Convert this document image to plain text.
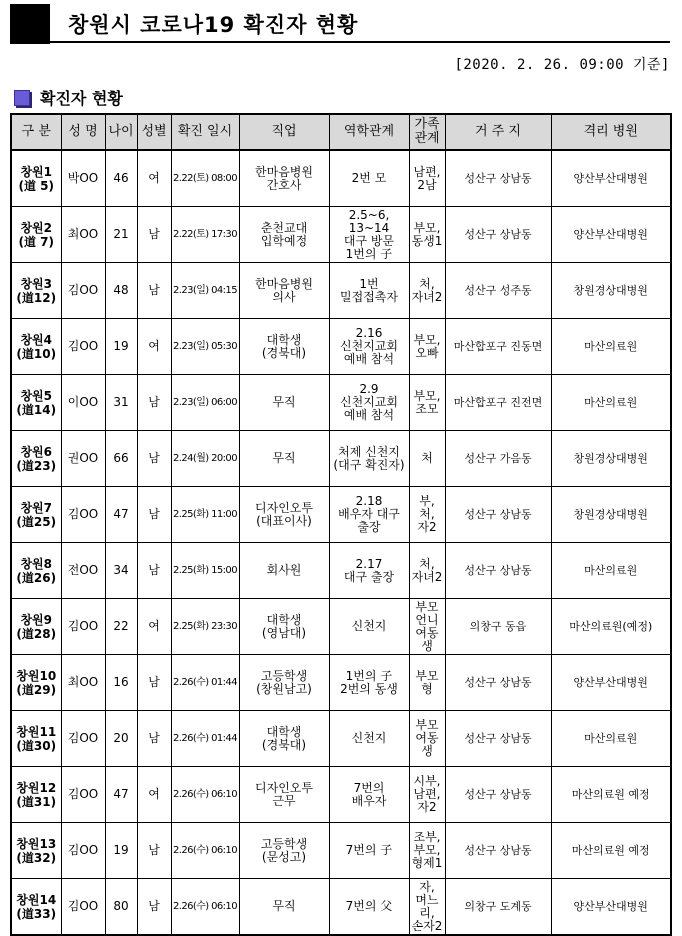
창원시 코로나19 확진자 현황
[2020. 2. 26. 09:00 기준]
확진자 현황
구 분	성 명	나이	성별	확진 일시	직업	역학관계	가족
관계	거 주 지	격리 병원
창원1
(道 5)	박OO	46	여	2.22(토) 08:00	한마음병원
간호사	2번 모	남편,
2남	성산구 상남동	양산부산대병원
창원2
(道 7)	최OO	21	남	2.22(토) 17:30	춘천교대
입학예정	2.5~6, 13~14
대구 방문
1번의 子	부모,
동생1	성산구 상남동	양산부산대병원
창원3
(道12)	김OO	48	남	2.23(일) 04:15	한마음병원
의사	1번
밀접접촉자	처,
자녀2	성산구 성주동	창원경상대병원
창원4
(道10)	김OO	19	여	2.23(일) 05:30	대학생
(경북대)	2.16
신천지교회
예배 참석	부모,
오빠	마산합포구 진동면	마산의료원
창원5
(道14)	이OO	31	남	2.23(일) 06:00	무직	2.9
신천지교회
예배 참석	부모,
조모	마산합포구 진전면	마산의료원
창원6
(道23)	권OO	66	남	2.24(월) 20:00	무직	처제 신천지
(대구 확진자)	처	성산구 가음동	창원경상대병원
창원7
(道25)	김OO	47	남	2.25(화) 11:00	디자인오투
(대표이사)	2.18
배우자 대구
출장	부,
처,
자2	성산구 상남동	창원경상대병원
창원8
(道26)	전OO	34	남	2.25(화) 15:00	회사원	2.17
대구 출장	처,
자녀2	성산구 상남동	마산의료원
창원9
(道28)	김OO	22	여	2.25(화) 23:30	대학생
(영남대)	신천지	부모
언니
여동생	의창구 동읍	마산의료원(예정)
창원10
(道29)	최OO	16	남	2.26(수) 01:44	고등학생
(창원남고)	1번의 子
2번의 동생	부모
형	성산구 상남동	양산부산대병원
창원11
(道30)	김OO	20	남	2.26(수) 01:44	대학생
(경북대)	신천지	부모
여동생	성산구 상남동	마산의료원
창원12
(道31)	김OO	47	여	2.26(수) 06:10	디자인오투
근무	7번의
배우자	시부,
남편,
자2	성산구 상남동	마산의료원 예정
창원13
(道32)	김OO	19	남	2.26(수) 06:10	고등학생
(문성고)	7번의 子	조부,
부모,
형제1	성산구 상남동	마산의료원 예정
창원14
(道33)	김OO	80	남	2.26(수) 06:10	무직	7번의 父	자,
며느리,
손자2	의창구 도계동	양산부산대병원
